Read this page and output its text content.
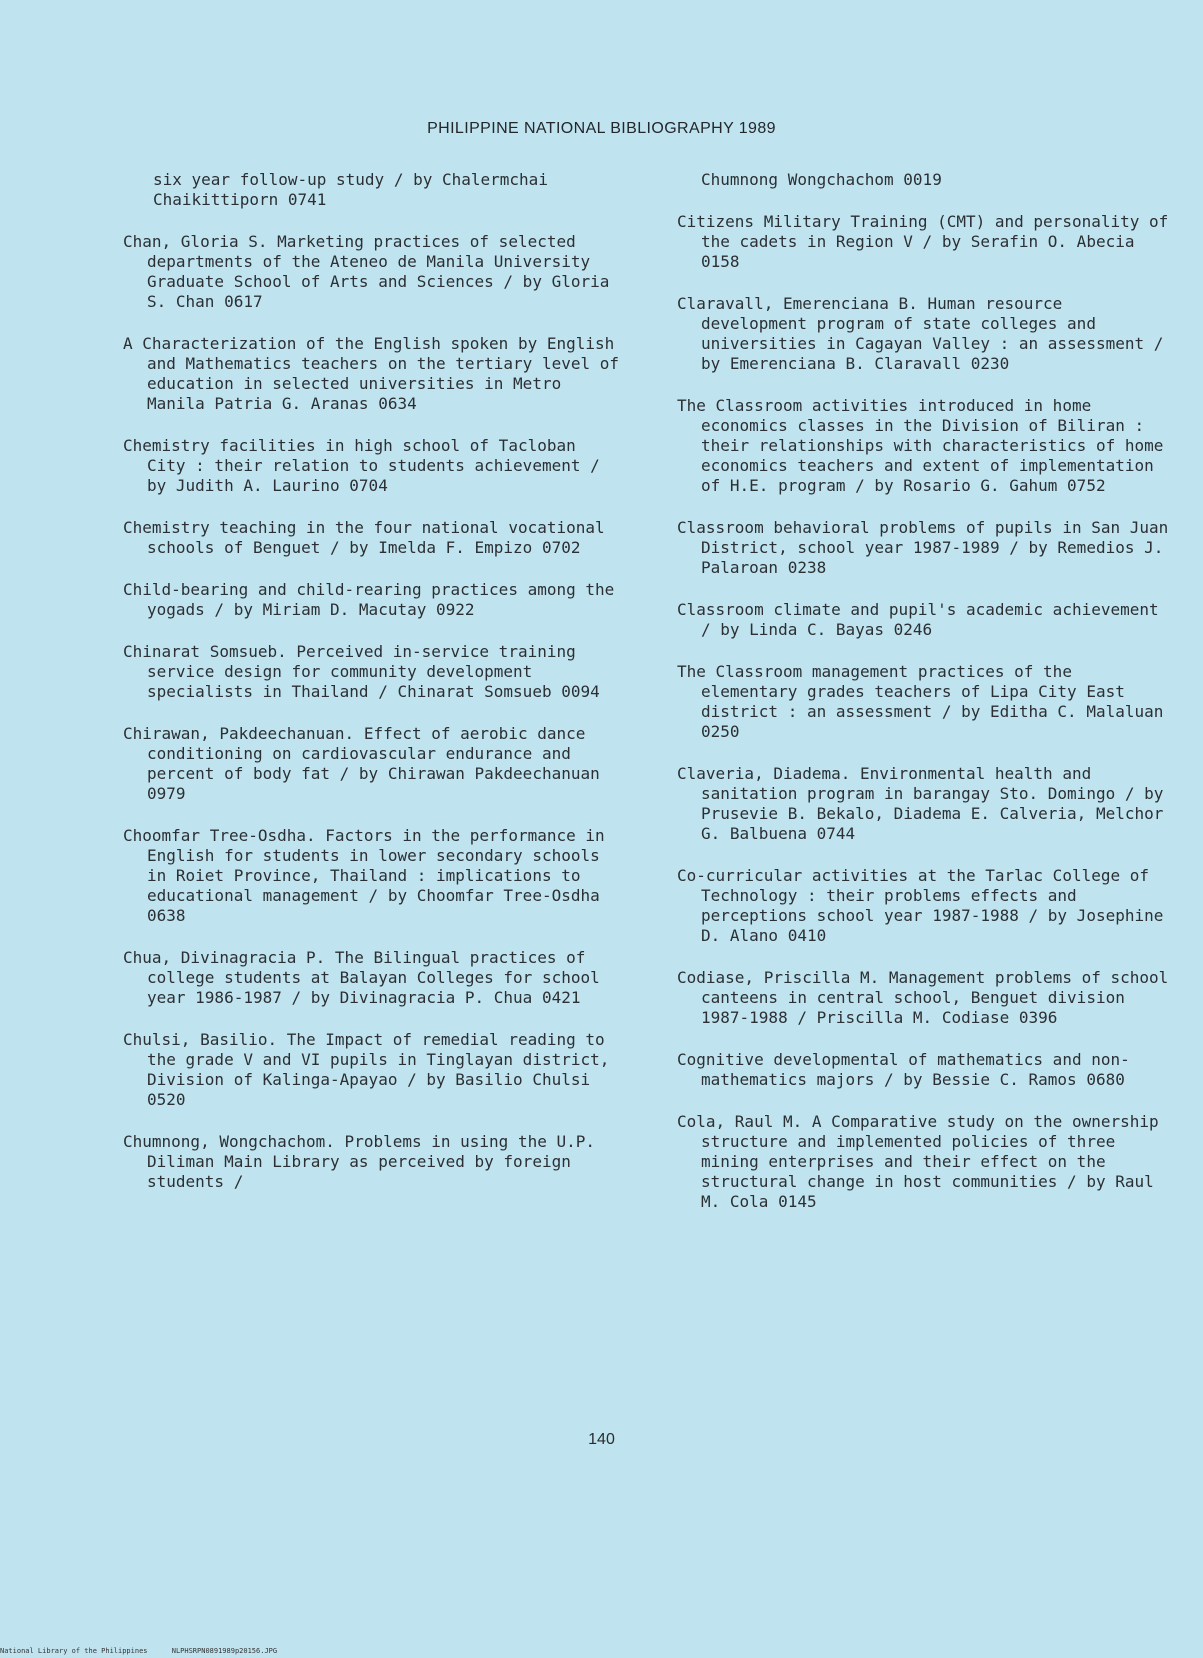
PHILIPPINE NATIONAL BIBLIOGRAPHY 1989
six year follow-up study / by Chalermchai Chaikittiporn 0741
Chan, Gloria S. Marketing practices of selected departments of the Ateneo de Manila University Graduate School of Arts and Sciences / by Gloria S. Chan 0617
A Characterization of the English spoken by English and Mathematics teachers on the tertiary level of education in selected universities in Metro Manila Patria G. Aranas 0634
Chemistry facilities in high school of Tacloban City : their relation to students achievement / by Judith A. Laurino 0704
Chemistry teaching in the four national vocational schools of Benguet / by Imelda F. Empizo 0702
Child-bearing and child-rearing practices among the yogads / by Miriam D. Macutay 0922
Chinarat Somsueb. Perceived in-service training service design for community development specialists in Thailand / Chinarat Somsueb 0094
Chirawan, Pakdeechanuan. Effect of aerobic dance conditioning on cardiovascular endurance and percent of body fat / by Chirawan Pakdeechanuan 0979
Choomfar Tree-Osdha. Factors in the performance in English for students in lower secondary schools in Roiet Province, Thailand : implications to educational management / by Choomfar Tree-Osdha 0638
Chua, Divinagracia P. The Bilingual practices of college students at Balayan Colleges for school year 1986-1987 / by Divinagracia P. Chua 0421
Chulsi, Basilio. The Impact of remedial reading to the grade V and VI pupils in Tinglayan district, Division of Kalinga-Apayao / by Basilio Chulsi 0520
Chumnong, Wongchachom. Problems in using the U.P. Diliman Main Library as perceived by foreign students /
Chumnong Wongchachom 0019
Citizens Military Training (CMT) and personality of the cadets in Region V / by Serafin O. Abecia 0158
Claravall, Emerenciana B. Human resource development program of state colleges and universities in Cagayan Valley : an assessment / by Emerenciana B. Claravall 0230
The Classroom activities introduced in home economics classes in the Division of Biliran : their relationships with characteristics of home economics teachers and extent of implementation of H.E. program / by Rosario G. Gahum 0752
Classroom behavioral problems of pupils in San Juan District, school year 1987-1989 / by Remedios J. Palaroan 0238
Classroom climate and pupil's academic achievement / by Linda C. Bayas 0246
The Classroom management practices of the elementary grades teachers of Lipa City East district : an assessment / by Editha C. Malaluan 0250
Claveria, Diadema. Environmental health and sanitation program in barangay Sto. Domingo / by Prusevie B. Bekalo, Diadema E. Calveria, Melchor G. Balbuena 0744
Co-curricular activities at the Tarlac College of Technology : their problems effects and perceptions school year 1987-1988 / by Josephine D. Alano 0410
Codiase, Priscilla M. Management problems of school canteens in central school, Benguet division 1987-1988 / Priscilla M. Codiase 0396
Cognitive developmental of mathematics and non-mathematics majors / by Bessie C. Ramos 0680
Cola, Raul M. A Comparative study on the ownership structure and implemented policies of three mining enterprises and their effect on the structural change in host communities / by Raul M. Cola 0145
140
National Library of the Philippines	NLPHSRPN0891989p20156.JPG
